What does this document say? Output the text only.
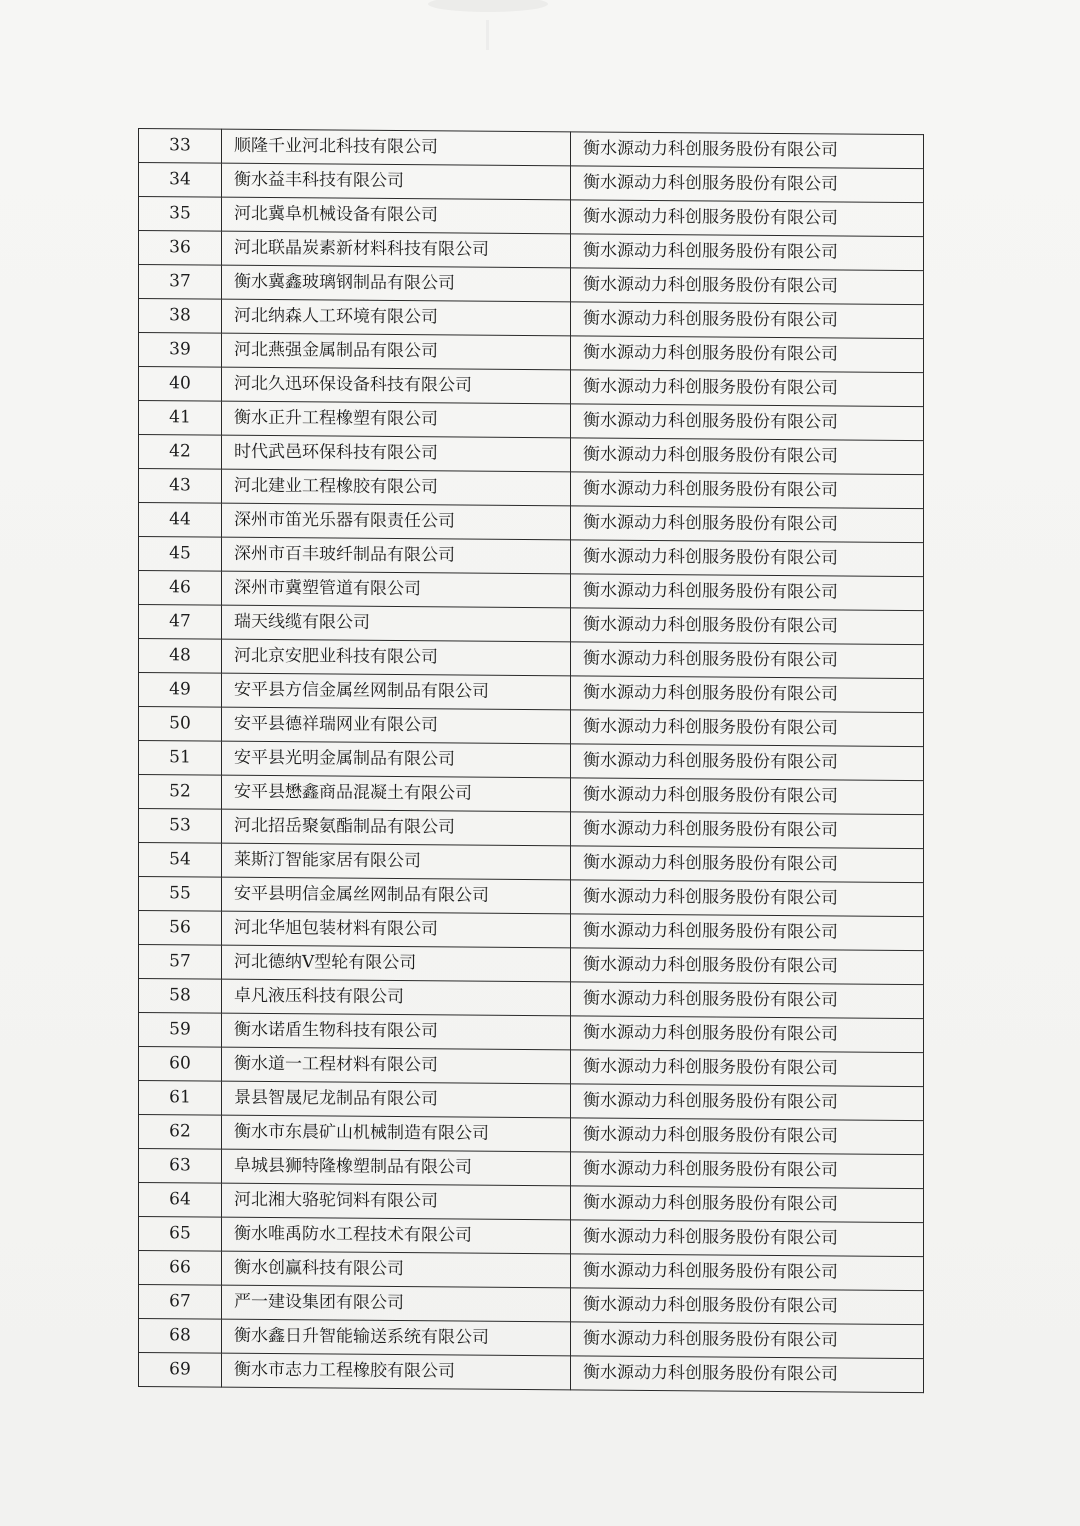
33	顺隆千业河北科技有限公司	衡水源动力科创服务股份有限公司
34	衡水益丰科技有限公司	衡水源动力科创服务股份有限公司
35	河北冀阜机械设备有限公司	衡水源动力科创服务股份有限公司
36	河北联晶炭素新材料科技有限公司	衡水源动力科创服务股份有限公司
37	衡水冀鑫玻璃钢制品有限公司	衡水源动力科创服务股份有限公司
38	河北纳森人工环境有限公司	衡水源动力科创服务股份有限公司
39	河北燕强金属制品有限公司	衡水源动力科创服务股份有限公司
40	河北久迅环保设备科技有限公司	衡水源动力科创服务股份有限公司
41	衡水正升工程橡塑有限公司	衡水源动力科创服务股份有限公司
42	时代武邑环保科技有限公司	衡水源动力科创服务股份有限公司
43	河北建业工程橡胶有限公司	衡水源动力科创服务股份有限公司
44	深州市笛光乐器有限责任公司	衡水源动力科创服务股份有限公司
45	深州市百丰玻纤制品有限公司	衡水源动力科创服务股份有限公司
46	深州市冀塑管道有限公司	衡水源动力科创服务股份有限公司
47	瑞天线缆有限公司	衡水源动力科创服务股份有限公司
48	河北京安肥业科技有限公司	衡水源动力科创服务股份有限公司
49	安平县方信金属丝网制品有限公司	衡水源动力科创服务股份有限公司
50	安平县德祥瑞网业有限公司	衡水源动力科创服务股份有限公司
51	安平县光明金属制品有限公司	衡水源动力科创服务股份有限公司
52	安平县懋鑫商品混凝土有限公司	衡水源动力科创服务股份有限公司
53	河北招岳聚氨酯制品有限公司	衡水源动力科创服务股份有限公司
54	莱斯汀智能家居有限公司	衡水源动力科创服务股份有限公司
55	安平县明信金属丝网制品有限公司	衡水源动力科创服务股份有限公司
56	河北华旭包装材料有限公司	衡水源动力科创服务股份有限公司
57	河北德纳V型轮有限公司	衡水源动力科创服务股份有限公司
58	卓凡液压科技有限公司	衡水源动力科创服务股份有限公司
59	衡水诺盾生物科技有限公司	衡水源动力科创服务股份有限公司
60	衡水道一工程材料有限公司	衡水源动力科创服务股份有限公司
61	景县智晟尼龙制品有限公司	衡水源动力科创服务股份有限公司
62	衡水市东晨矿山机械制造有限公司	衡水源动力科创服务股份有限公司
63	阜城县狮特隆橡塑制品有限公司	衡水源动力科创服务股份有限公司
64	河北湘大骆驼饲料有限公司	衡水源动力科创服务股份有限公司
65	衡水唯禹防水工程技术有限公司	衡水源动力科创服务股份有限公司
66	衡水创赢科技有限公司	衡水源动力科创服务股份有限公司
67	严一建设集团有限公司	衡水源动力科创服务股份有限公司
68	衡水鑫日升智能输送系统有限公司	衡水源动力科创服务股份有限公司
69	衡水市志力工程橡胶有限公司	衡水源动力科创服务股份有限公司
